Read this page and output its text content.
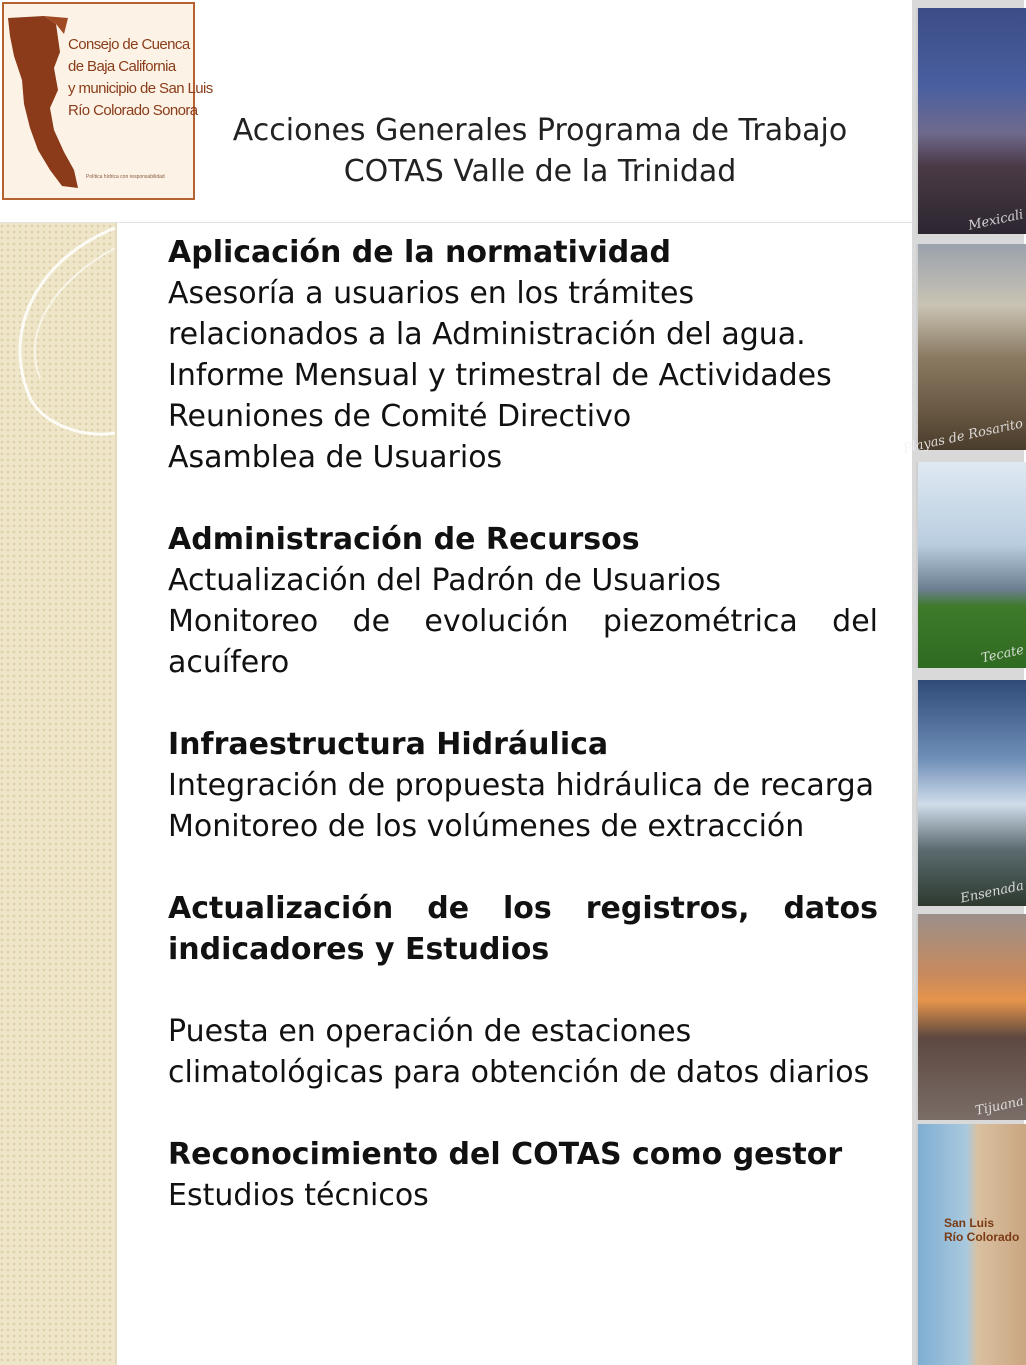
Consejo de Cuenca
de Baja California
y municipio de San Luis
Río Colorado Sonora
Política hídrica con responsabilidad
Acciones Generales Programa de Trabajo
COTAS Valle de la Trinidad
Aplicación de la normatividad
Asesoría a usuarios en los trámites relacionados a la Administración del agua.
Informe Mensual y trimestral de Actividades
Reuniones de Comité Directivo
Asamblea de Usuarios
Administración de Recursos
Actualización del Padrón de Usuarios
Monitoreo de evolución piezométrica del acuífero
Infraestructura Hidráulica
Integración de propuesta hidráulica de recarga
Monitoreo de los volúmenes de extracción
Actualización de los registros, datos indicadores y Estudios
Puesta en operación de estaciones climatológicas para obtención de datos diarios
Reconocimiento del COTAS como gestor
Estudios técnicos
Mexicali
Playas de Rosarito
Tecate
Ensenada
Tijuana
San Luis
Río Colorado
